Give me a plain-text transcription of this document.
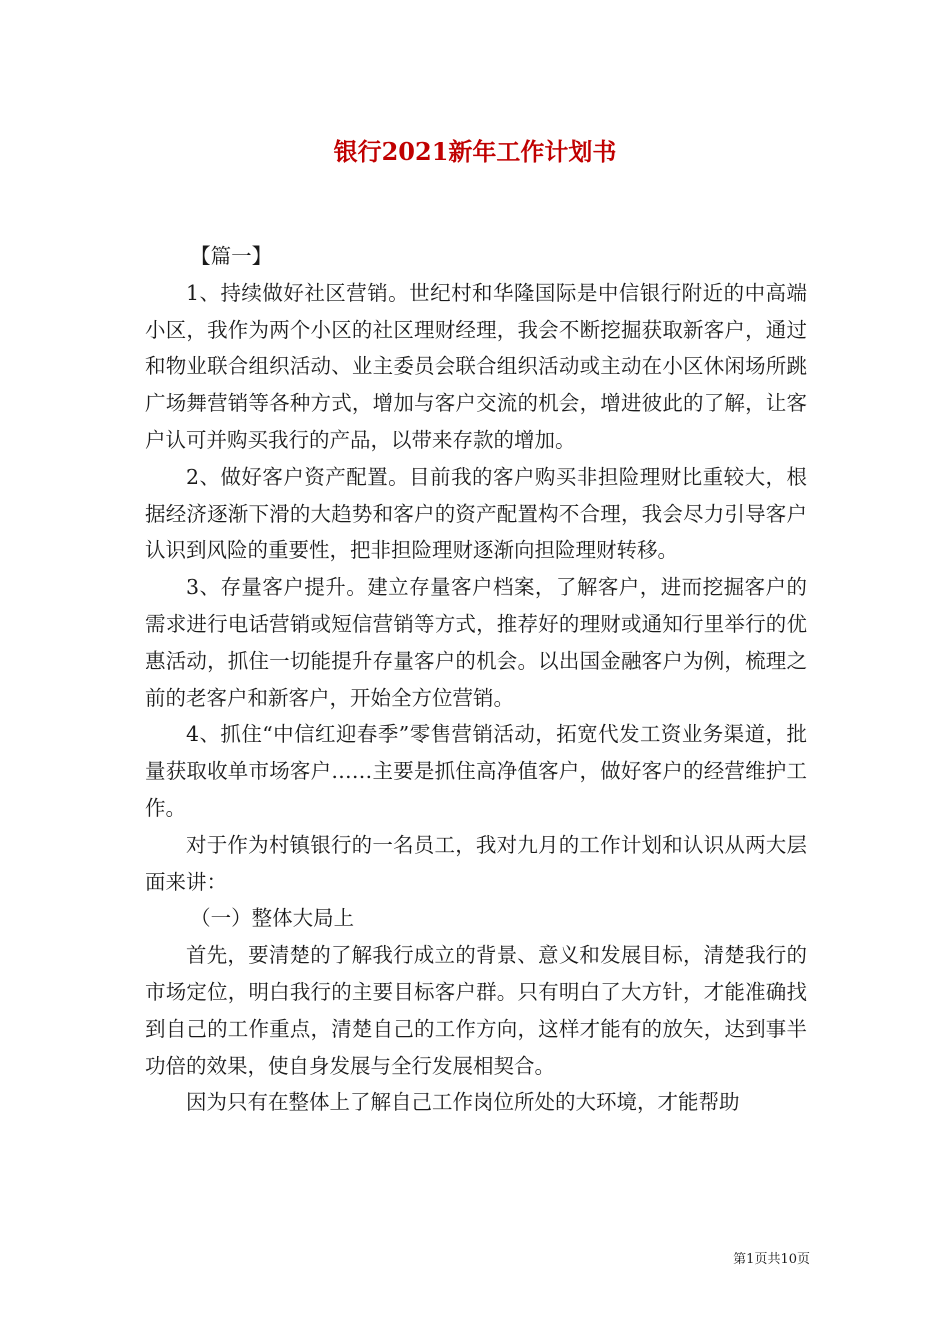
银行2021新年工作计划书

【篇一】

1、持续做好社区营销。世纪村和华隆国际是中信银行附近的中高端小区，我作为两个小区的社区理财经理，我会不断挖掘获取新客户，通过和物业联合组织活动、业主委员会联合组织活动或主动在小区休闲场所跳广场舞营销等各种方式，增加与客户交流的机会，增进彼此的了解，让客户认可并购买我行的产品，以带来存款的增加。

2、做好客户资产配置。目前我的客户购买非担险理财比重较大，根据经济逐渐下滑的大趋势和客户的资产配置构不合理，我会尽力引导客户认识到风险的重要性，把非担险理财逐渐向担险理财转移。

3、存量客户提升。建立存量客户档案，了解客户，进而挖掘客户的需求进行电话营销或短信营销等方式，推荐好的理财或通知行里举行的优惠活动，抓住一切能提升存量客户的机会。以出国金融客户为例，梳理之前的老客户和新客户，开始全方位营销。

4、抓住“中信红迎春季”零售营销活动，拓宽代发工资业务渠道，批量获取收单市场客户……主要是抓住高净值客户，做好客户的经营维护工作。

对于作为村镇银行的一名员工，我对九月的工作计划和认识从两大层面来讲：

（一）整体大局上

首先，要清楚的了解我行成立的背景、意义和发展目标，清楚我行的市场定位，明白我行的主要目标客户群。只有明白了大方针，才能准确找到自己的工作重点，清楚自己的工作方向，这样才能有的放矢，达到事半功倍的效果，使自身发展与全行发展相契合。

因为只有在整体上了解自己工作岗位所处的大环境，才能帮助

第1页共10页
